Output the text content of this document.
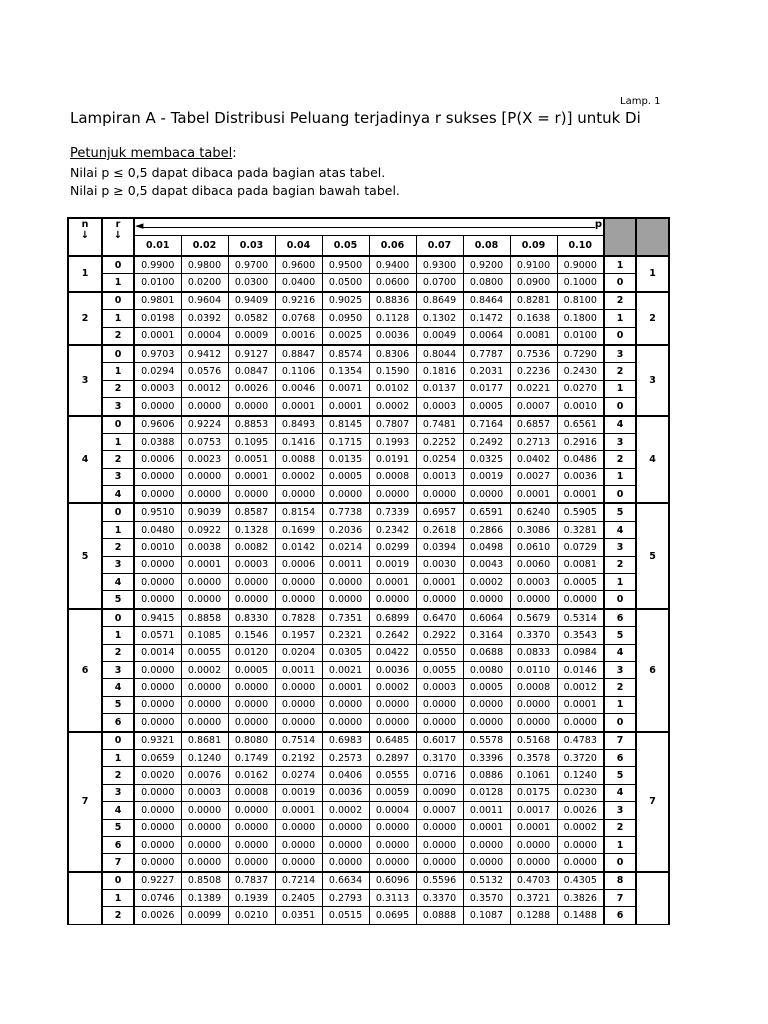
Lamp. 1
Lampiran A - Tabel Distribusi Peluang terjadinya r sukses [P(X = r)] untuk Di
Petunjuk membaca tabel:
Nilai p ≤ 0,5 dapat dibaca pada bagian atas tabel.
Nilai p ≥ 0,5 dapat dibaca pada bagian bawah tabel.
n
↓	r
↓	◄ p											

		0.01	0.02	0.03	0.04	0.05	0.06	0.07	0.08	0.09	0.10		
1	0	0.9900	0.9800	0.9700	0.9600	0.9500	0.9400	0.9300	0.9200	0.9100	0.9000	1	1
	1	0.0100	0.0200	0.0300	0.0400	0.0500	0.0600	0.0700	0.0800	0.0900	0.1000	0	
2	0	0.9801	0.9604	0.9409	0.9216	0.9025	0.8836	0.8649	0.8464	0.8281	0.8100	2	2
	1	0.0198	0.0392	0.0582	0.0768	0.0950	0.1128	0.1302	0.1472	0.1638	0.1800	1	
	2	0.0001	0.0004	0.0009	0.0016	0.0025	0.0036	0.0049	0.0064	0.0081	0.0100	0	
3	0	0.9703	0.9412	0.9127	0.8847	0.8574	0.8306	0.8044	0.7787	0.7536	0.7290	3	3
	1	0.0294	0.0576	0.0847	0.1106	0.1354	0.1590	0.1816	0.2031	0.2236	0.2430	2	
	2	0.0003	0.0012	0.0026	0.0046	0.0071	0.0102	0.0137	0.0177	0.0221	0.0270	1	
	3	0.0000	0.0000	0.0000	0.0001	0.0001	0.0002	0.0003	0.0005	0.0007	0.0010	0	
4	0	0.9606	0.9224	0.8853	0.8493	0.8145	0.7807	0.7481	0.7164	0.6857	0.6561	4	4
	1	0.0388	0.0753	0.1095	0.1416	0.1715	0.1993	0.2252	0.2492	0.2713	0.2916	3	
	2	0.0006	0.0023	0.0051	0.0088	0.0135	0.0191	0.0254	0.0325	0.0402	0.0486	2	
	3	0.0000	0.0000	0.0001	0.0002	0.0005	0.0008	0.0013	0.0019	0.0027	0.0036	1	
	4	0.0000	0.0000	0.0000	0.0000	0.0000	0.0000	0.0000	0.0000	0.0001	0.0001	0	
5	0	0.9510	0.9039	0.8587	0.8154	0.7738	0.7339	0.6957	0.6591	0.6240	0.5905	5	5
	1	0.0480	0.0922	0.1328	0.1699	0.2036	0.2342	0.2618	0.2866	0.3086	0.3281	4	
	2	0.0010	0.0038	0.0082	0.0142	0.0214	0.0299	0.0394	0.0498	0.0610	0.0729	3	
	3	0.0000	0.0001	0.0003	0.0006	0.0011	0.0019	0.0030	0.0043	0.0060	0.0081	2	
	4	0.0000	0.0000	0.0000	0.0000	0.0000	0.0001	0.0001	0.0002	0.0003	0.0005	1	
	5	0.0000	0.0000	0.0000	0.0000	0.0000	0.0000	0.0000	0.0000	0.0000	0.0000	0	
6	0	0.9415	0.8858	0.8330	0.7828	0.7351	0.6899	0.6470	0.6064	0.5679	0.5314	6	6
	1	0.0571	0.1085	0.1546	0.1957	0.2321	0.2642	0.2922	0.3164	0.3370	0.3543	5	
	2	0.0014	0.0055	0.0120	0.0204	0.0305	0.0422	0.0550	0.0688	0.0833	0.0984	4	
	3	0.0000	0.0002	0.0005	0.0011	0.0021	0.0036	0.0055	0.0080	0.0110	0.0146	3	
	4	0.0000	0.0000	0.0000	0.0000	0.0001	0.0002	0.0003	0.0005	0.0008	0.0012	2	
	5	0.0000	0.0000	0.0000	0.0000	0.0000	0.0000	0.0000	0.0000	0.0000	0.0001	1	
	6	0.0000	0.0000	0.0000	0.0000	0.0000	0.0000	0.0000	0.0000	0.0000	0.0000	0	
7	0	0.9321	0.8681	0.8080	0.7514	0.6983	0.6485	0.6017	0.5578	0.5168	0.4783	7	7
	1	0.0659	0.1240	0.1749	0.2192	0.2573	0.2897	0.3170	0.3396	0.3578	0.3720	6	
	2	0.0020	0.0076	0.0162	0.0274	0.0406	0.0555	0.0716	0.0886	0.1061	0.1240	5	
	3	0.0000	0.0003	0.0008	0.0019	0.0036	0.0059	0.0090	0.0128	0.0175	0.0230	4	
	4	0.0000	0.0000	0.0000	0.0001	0.0002	0.0004	0.0007	0.0011	0.0017	0.0026	3	
	5	0.0000	0.0000	0.0000	0.0000	0.0000	0.0000	0.0000	0.0001	0.0001	0.0002	2	
	6	0.0000	0.0000	0.0000	0.0000	0.0000	0.0000	0.0000	0.0000	0.0000	0.0000	1	
	7	0.0000	0.0000	0.0000	0.0000	0.0000	0.0000	0.0000	0.0000	0.0000	0.0000	0	
	0	0.9227	0.8508	0.7837	0.7214	0.6634	0.6096	0.5596	0.5132	0.4703	0.4305	8	
	1	0.0746	0.1389	0.1939	0.2405	0.2793	0.3113	0.3370	0.3570	0.3721	0.3826	7	
	2	0.0026	0.0099	0.0210	0.0351	0.0515	0.0695	0.0888	0.1087	0.1288	0.1488	6	
